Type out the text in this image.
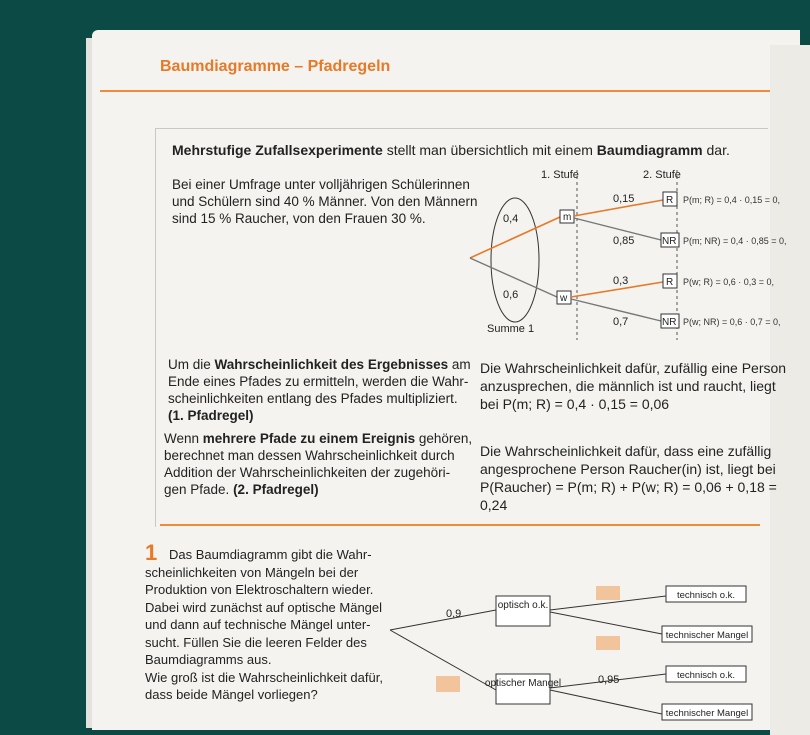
Baumdiagramme – Pfadregeln
Mehrstufige Zufallsexperimente stellt man übersichtlich mit einem Baumdiagramm dar.
Bei einer Umfrage unter volljährigen Schülerinnen
und Schülern sind 40 % Männer. Von den Männern
sind 15 % Raucher, von den Frauen 30 %.
1. Stufe	2. Stufe
0,4
0,6
Summe 1
m
w
0,15
0,85
0,3
0,7
R
NR
R
NR
P(m; R) = 0,4 · 0,15 = 0,
P(m; NR) = 0,4 · 0,85 = 0,
P(w; R) = 0,6 · 0,3 = 0,
P(w; NR) = 0,6 · 0,7 = 0,
Um die Wahrscheinlichkeit des Ergebnisses am
Ende eines Pfades zu ermitteln, werden die Wahr-
scheinlichkeiten entlang des Pfades multipliziert.
(1. Pfadregel)
Die Wahrscheinlichkeit dafür, zufällig eine Person
anzusprechen, die männlich ist und raucht, liegt
bei P(m; R) = 0,4 · 0,15 = 0,06
Wenn mehrere Pfade zu einem Ereignis gehören,
berechnet man dessen Wahrscheinlichkeit durch
Addition der Wahrscheinlichkeiten der zugehöri-
gen Pfade. (2. Pfadregel)
Die Wahrscheinlichkeit dafür, dass eine zufällig
angesprochene Person Raucher(in) ist, liegt bei
P(Raucher) = P(m; R) + P(w; R) = 0,06 + 0,18 = 0,24
1 Das Baumdiagramm gibt die Wahr-
scheinlichkeiten von Mängeln bei der
Produktion von Elektroschaltern wieder.
Dabei wird zunächst auf optische Mängel
und dann auf technische Mängel unter-
sucht. Füllen Sie die leeren Felder des
Baumdiagramms aus.
Wie groß ist die Wahrscheinlichkeit dafür,
dass beide Mängel vorliegen?
0,9
optisch o.k.
optischer Mangel	0,95
technisch o.k.
technischer Mangel
technisch o.k.
technischer Mangel
